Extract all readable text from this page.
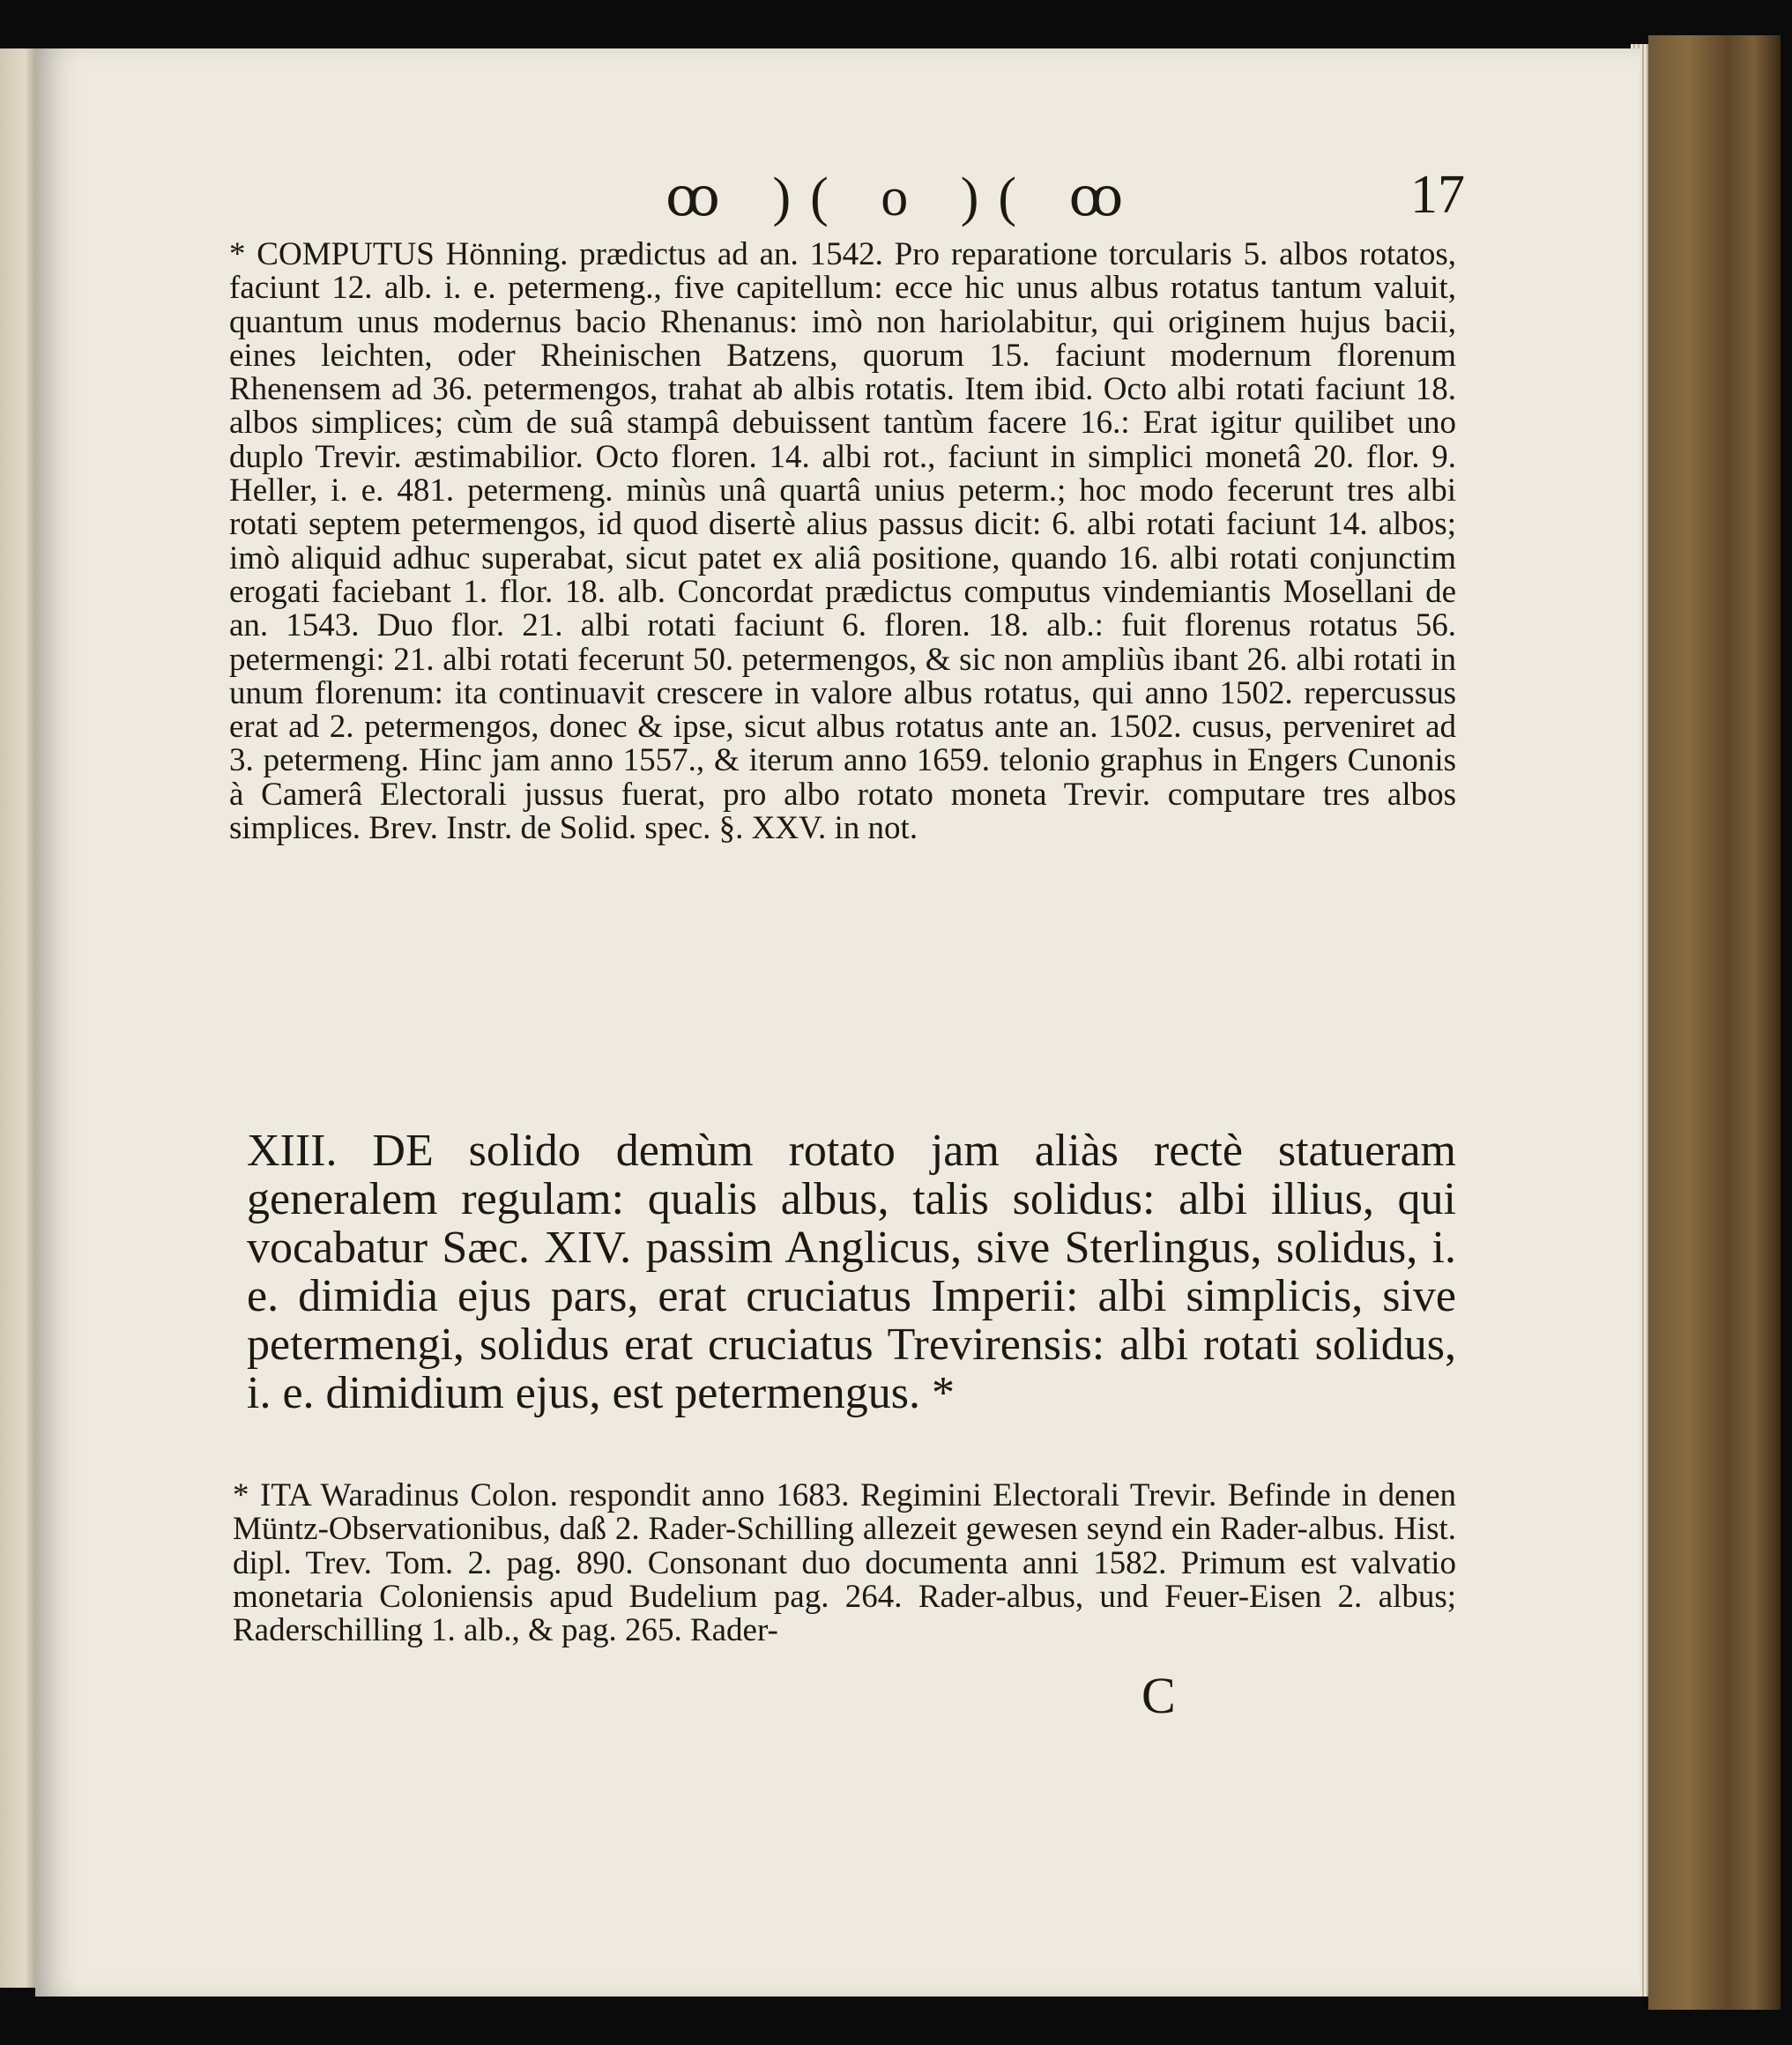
ꝏ )( o )( ꝏ	17

* COMPUTUS Hönning. prædictus ad an. 1542. Pro reparatione torcularis 5. albos rotatos, faciunt 12. alb. i. e. petermeng., five capitellum: ecce hic unus albus rotatus tantum valuit, quantum unus modernus bacio Rhenanus: imò non hariolabitur, qui originem hujus bacii, eines leichten, oder Rheinischen Batzens, quorum 15. faciunt modernum florenum Rhenensem ad 36. petermengos, trahat ab albis rotatis. Item ibid. Octo albi rotati faciunt 18. albos simplices; cùm de suâ stampâ debuissent tantùm facere 16.: Erat igitur quilibet uno duplo Trevir. æstimabilior. Octo floren. 14. albi rot., faciunt in simplici monetâ 20. flor. 9. Heller, i. e. 481. petermeng. minùs unâ quartâ unius peterm.; hoc modo fecerunt tres albi rotati septem petermengos, id quod disertè alius passus dicit: 6. albi rotati faciunt 14. albos; imò aliquid adhuc superabat, sicut patet ex aliâ positione, quando 16. albi rotati conjunctim erogati faciebant 1. flor. 18. alb. Concordat prædictus computus vindemiantis Mosellani de an. 1543. Duo flor. 21. albi rotati faciunt 6. floren. 18. alb.: fuit florenus rotatus 56. petermengi: 21. albi rotati fecerunt 50. petermengos, & sic non ampliùs ibant 26. albi rotati in unum florenum: ita continuavit crescere in valore albus rotatus, qui anno 1502. repercussus erat ad 2. petermengos, donec & ipse, sicut albus rotatus ante an. 1502. cusus, perveniret ad 3. petermeng. Hinc jam anno 1557., & iterum anno 1659. telonio graphus in Engers Cunonis à Camerâ Electorali jussus fuerat, pro albo rotato moneta Trevir. computare tres albos simplices. Brev. Instr. de Solid. spec. §. XXV. in not.

XIII. DE solido demùm rotato jam aliàs rectè statueram generalem regulam: qualis albus, talis solidus: albi illius, qui vocabatur Sæc. XIV. passim Anglicus, sive Sterlingus, solidus, i. e. dimidia ejus pars, erat cruciatus Imperii: albi simplicis, sive petermengi, solidus erat cruciatus Trevirensis: albi rotati solidus, i. e. dimidium ejus, est petermengus. *

* ITA Waradinus Colon. respondit anno 1683. Regimini Electorali Trevir. Befinde in denen Müntz-Observationibus, daß 2. Rader-Schilling allezeit gewesen seynd ein Rader-albus. Hist. dipl. Trev. Tom. 2. pag. 890. Consonant duo documenta anni 1582. Primum est valvatio monetaria Coloniensis apud Budelium pag. 264. Rader-albus, und Feuer-Eisen 2. albus; Raderschilling 1. alb., & pag. 265. Rader-

C
